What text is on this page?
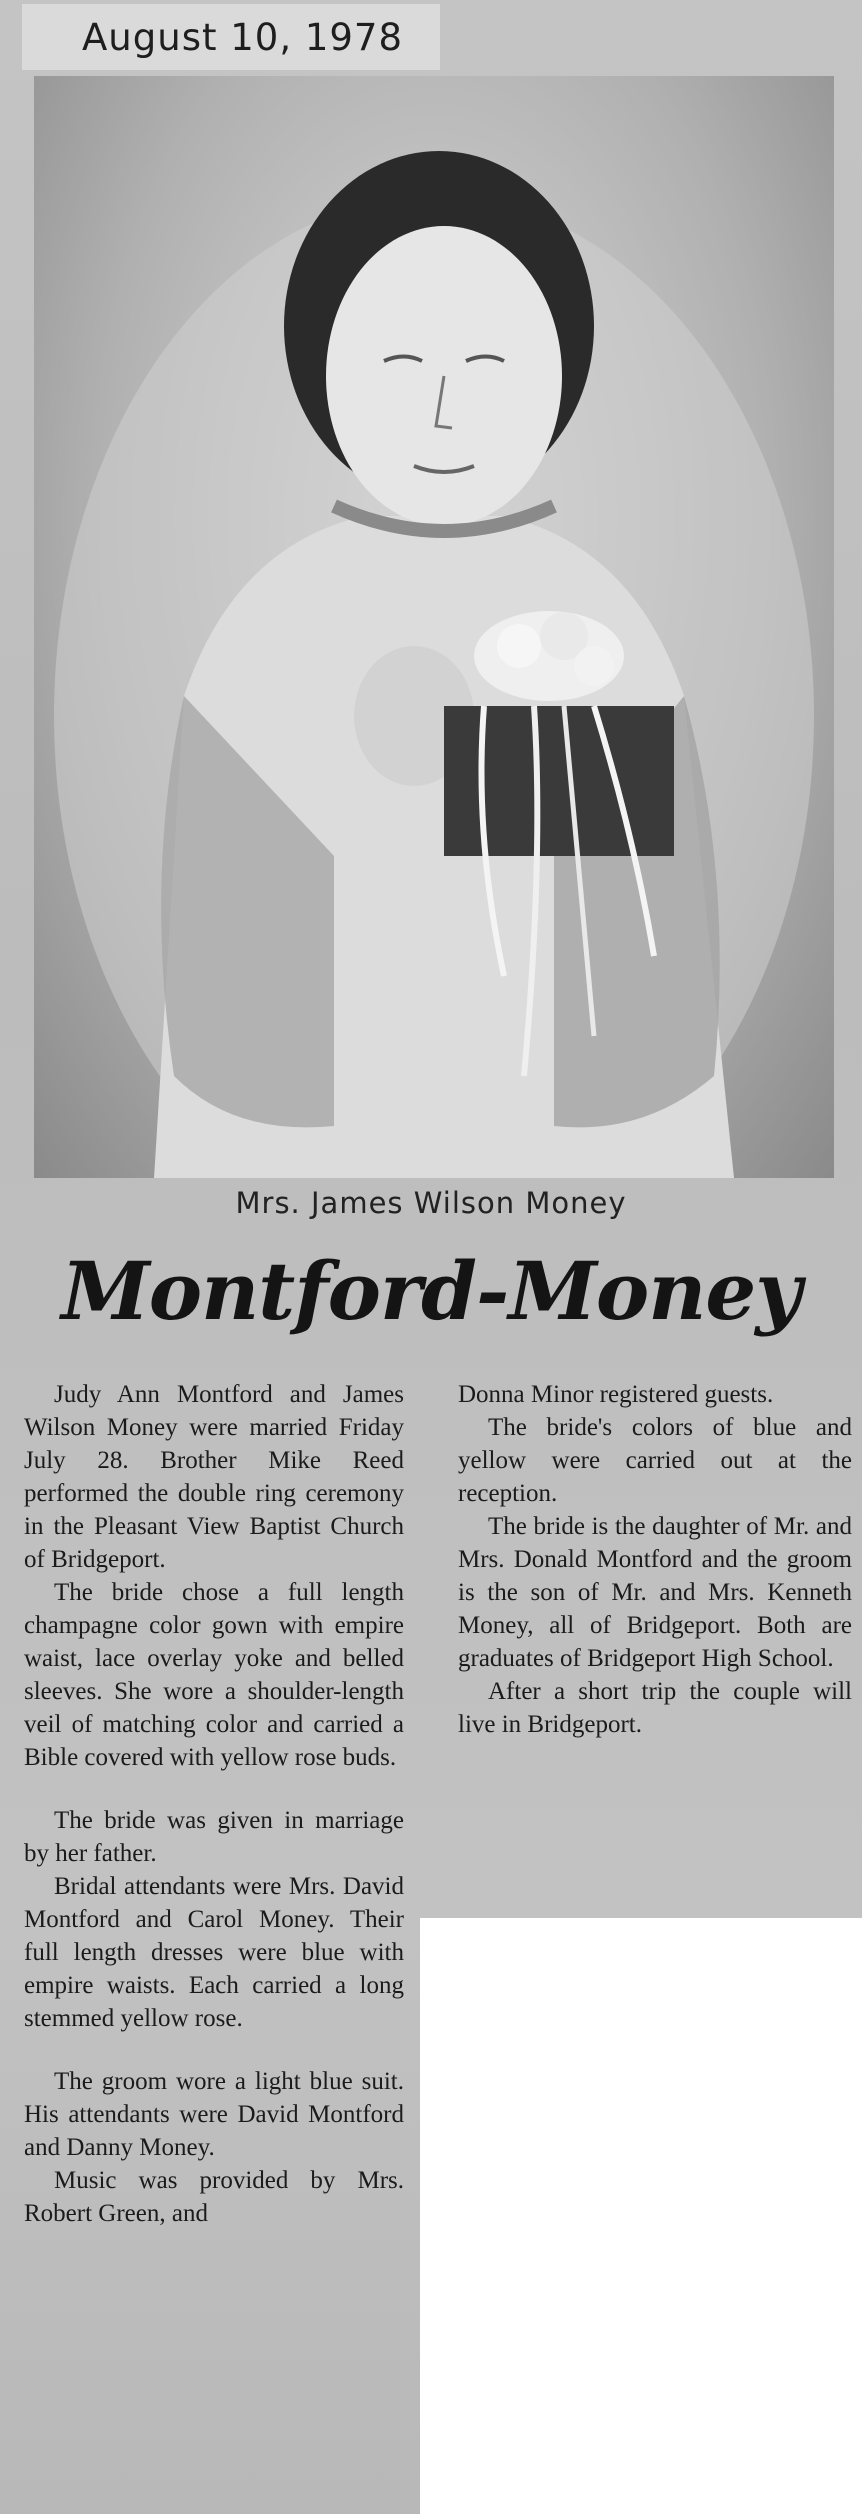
August 10, 1978
Mrs. James Wilson Money
Montford-Money

Judy Ann Montford and James Wilson Money were married Friday July 28. Brother Mike Reed performed the double ring ceremony in the Pleasant View Baptist Church of Bridgeport.

The bride chose a full length champagne color gown with empire waist, lace overlay yoke and belled sleeves. She wore a shoulder-length veil of matching color and carried a Bible covered with yellow rose buds.

The bride was given in marriage by her father.

Bridal attendants were Mrs. David Montford and Carol Money. Their full length dresses were blue with empire waists. Each carried a long stemmed yellow rose.

The groom wore a light blue suit. His attendants were David Montford and Danny Money.

Music was provided by Mrs. Robert Green, and

Donna Minor registered guests.

The bride's colors of blue and yellow were carried out at the reception.

The bride is the daughter of Mr. and Mrs. Donald Montford and the groom is the son of Mr. and Mrs. Kenneth Money, all of Bridgeport. Both are graduates of Bridgeport High School.

After a short trip the couple will live in Bridgeport.
